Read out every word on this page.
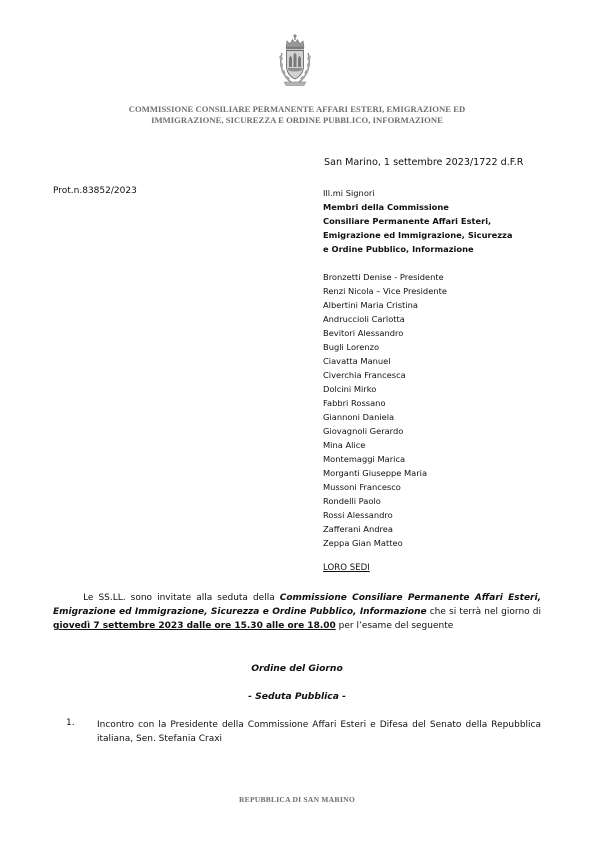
COMMISSIONE CONSILIARE PERMANENTE AFFARI ESTERI, EMIGRAZIONE ED
IMMIGRAZIONE, SICUREZZA E ORDINE PUBBLICO, INFORMAZIONE
San Marino, 1 settembre 2023/1722 d.F.R
Prot.n.83852/2023	Ill.mi Signori
Membri della Commissione
Consiliare Permanente Affari Esteri,
Emigrazione ed Immigrazione, Sicurezza
e Ordine Pubblico, Informazione
Bronzetti Denise - Presidente
Renzi Nicola – Vice Presidente
Albertini Maria Cristina
Andruccioli Carlotta
Bevitori Alessandro
Bugli Lorenzo
Ciavatta Manuel
Civerchia Francesca
Dolcini Mirko
Fabbri Rossano
Giannoni Daniela
Giovagnoli Gerardo
Mina Alice
Montemaggi Marica
Morganti Giuseppe Maria
Mussoni Francesco
Rondelli Paolo
Rossi Alessandro
Zafferani Andrea
Zeppa Gian Matteo
LORO SEDI
Le SS.LL. sono invitate alla seduta della Commissione Consiliare Permanente Affari Esteri, Emigrazione ed Immigrazione, Sicurezza e Ordine Pubblico, Informazione che si terrà nel giorno di giovedì 7 settembre 2023 dalle ore 15.30 alle ore 18.00 per l’esame del seguente
Ordine del Giorno
- Seduta Pubblica -
1. Incontro con la Presidente della Commissione Affari Esteri e Difesa del Senato della Repubblica italiana, Sen. Stefania Craxi
REPUBBLICA DI SAN MARINO
